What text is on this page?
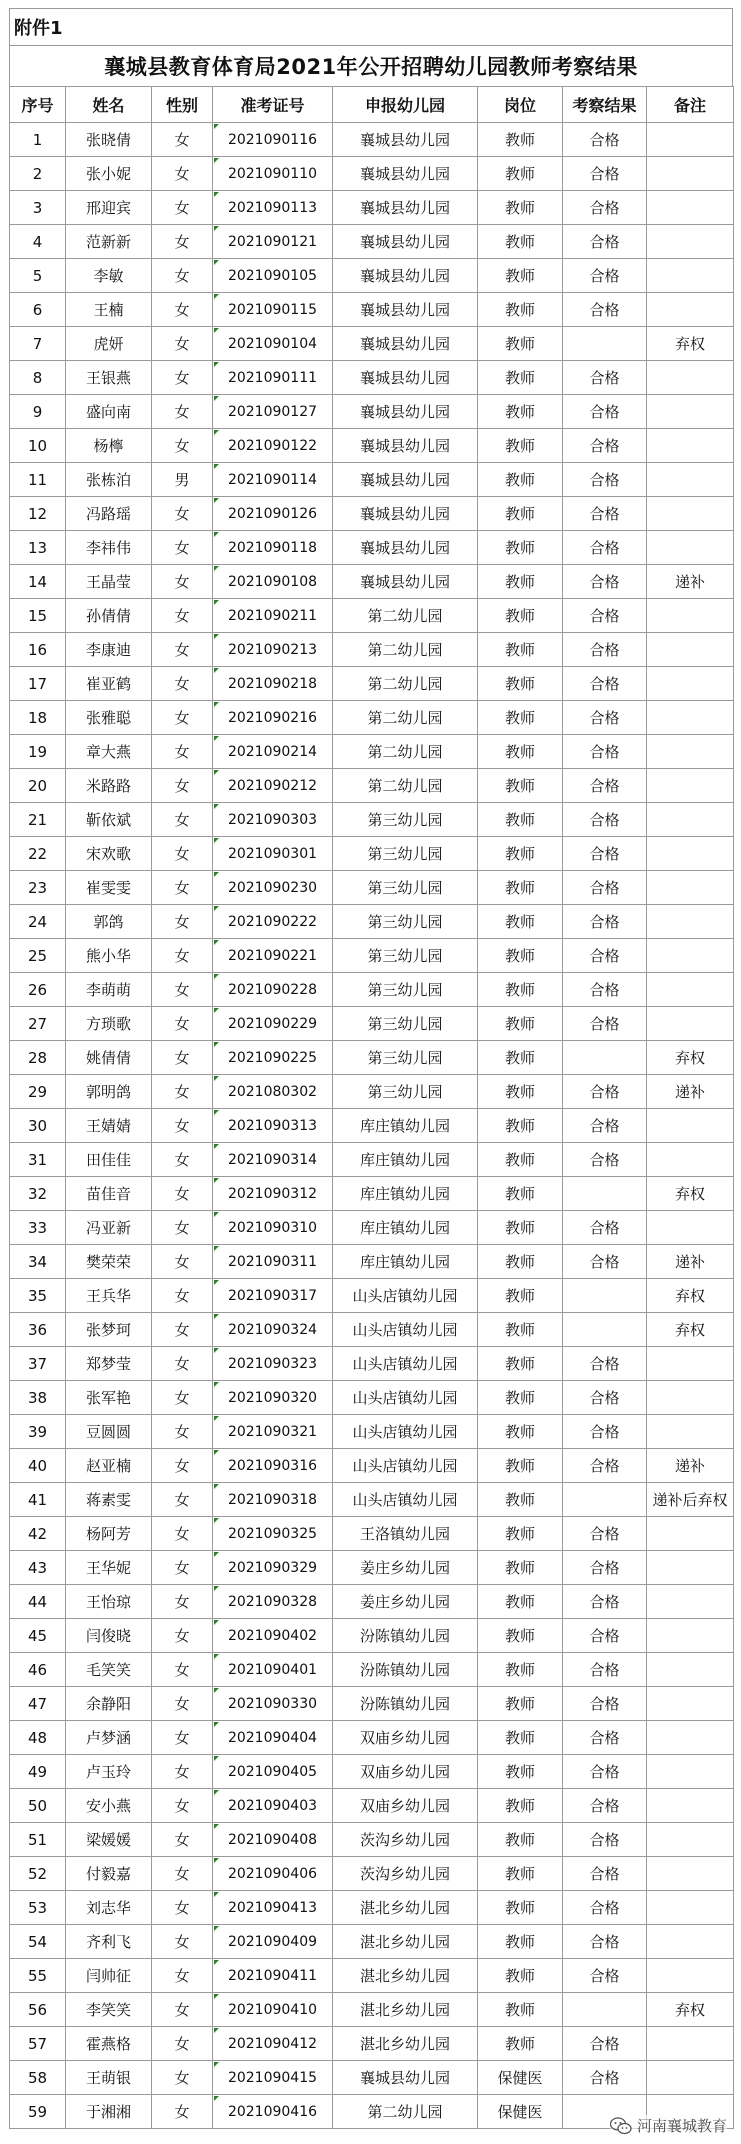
附件1
襄城县教育体育局2021年公开招聘幼儿园教师考察结果
序号	姓名	性别	准考证号	申报幼儿园	岗位	考察结果	备注
1	张晓倩	女	2021090116	襄城县幼儿园	教师	合格	
2	张小妮	女	2021090110	襄城县幼儿园	教师	合格	
3	邢迎宾	女	2021090113	襄城县幼儿园	教师	合格	
4	范新新	女	2021090121	襄城县幼儿园	教师	合格	
5	李敏	女	2021090105	襄城县幼儿园	教师	合格	
6	王楠	女	2021090115	襄城县幼儿园	教师	合格	
7	虎妍	女	2021090104	襄城县幼儿园	教师		弃权
8	王银燕	女	2021090111	襄城县幼儿园	教师	合格	
9	盛向南	女	2021090127	襄城县幼儿园	教师	合格	
10	杨檸	女	2021090122	襄城县幼儿园	教师	合格	
11	张栋泊	男	2021090114	襄城县幼儿园	教师	合格	
12	冯路瑶	女	2021090126	襄城县幼儿园	教师	合格	
13	李祎伟	女	2021090118	襄城县幼儿园	教师	合格	
14	王晶莹	女	2021090108	襄城县幼儿园	教师	合格	递补
15	孙倩倩	女	2021090211	第二幼儿园	教师	合格	
16	李康迪	女	2021090213	第二幼儿园	教师	合格	
17	崔亚鹤	女	2021090218	第二幼儿园	教师	合格	
18	张雅聪	女	2021090216	第二幼儿园	教师	合格	
19	章大燕	女	2021090214	第二幼儿园	教师	合格	
20	米路路	女	2021090212	第二幼儿园	教师	合格	
21	靳依斌	女	2021090303	第三幼儿园	教师	合格	
22	宋欢歌	女	2021090301	第三幼儿园	教师	合格	
23	崔雯雯	女	2021090230	第三幼儿园	教师	合格	
24	郭鸽	女	2021090222	第三幼儿园	教师	合格	
25	熊小华	女	2021090221	第三幼儿园	教师	合格	
26	李萌萌	女	2021090228	第三幼儿园	教师	合格	
27	方琐歌	女	2021090229	第三幼儿园	教师	合格	
28	姚倩倩	女	2021090225	第三幼儿园	教师		弃权
29	郭明鸽	女	2021080302	第三幼儿园	教师	合格	递补
30	王婧婧	女	2021090313	库庄镇幼儿园	教师	合格	
31	田佳佳	女	2021090314	库庄镇幼儿园	教师	合格	
32	苗佳音	女	2021090312	库庄镇幼儿园	教师		弃权
33	冯亚新	女	2021090310	库庄镇幼儿园	教师	合格	
34	樊荣荣	女	2021090311	库庄镇幼儿园	教师	合格	递补
35	王兵华	女	2021090317	山头店镇幼儿园	教师		弃权
36	张梦珂	女	2021090324	山头店镇幼儿园	教师		弃权
37	郑梦莹	女	2021090323	山头店镇幼儿园	教师	合格	
38	张军艳	女	2021090320	山头店镇幼儿园	教师	合格	
39	豆圆圆	女	2021090321	山头店镇幼儿园	教师	合格	
40	赵亚楠	女	2021090316	山头店镇幼儿园	教师	合格	递补
41	蒋素雯	女	2021090318	山头店镇幼儿园	教师		递补后弃权
42	杨阿芳	女	2021090325	王洛镇幼儿园	教师	合格	
43	王华妮	女	2021090329	姜庄乡幼儿园	教师	合格	
44	王怡琼	女	2021090328	姜庄乡幼儿园	教师	合格	
45	闫俊晓	女	2021090402	汾陈镇幼儿园	教师	合格	
46	毛笑笑	女	2021090401	汾陈镇幼儿园	教师	合格	
47	余静阳	女	2021090330	汾陈镇幼儿园	教师	合格	
48	卢梦涵	女	2021090404	双庙乡幼儿园	教师	合格	
49	卢玉玲	女	2021090405	双庙乡幼儿园	教师	合格	
50	安小燕	女	2021090403	双庙乡幼儿园	教师	合格	
51	梁媛媛	女	2021090408	茨沟乡幼儿园	教师	合格	
52	付毅嘉	女	2021090406	茨沟乡幼儿园	教师	合格	
53	刘志华	女	2021090413	湛北乡幼儿园	教师	合格	
54	齐利飞	女	2021090409	湛北乡幼儿园	教师	合格	
55	闫帅征	女	2021090411	湛北乡幼儿园	教师	合格	
56	李笑笑	女	2021090410	湛北乡幼儿园	教师		弃权
57	霍燕格	女	2021090412	湛北乡幼儿园	教师	合格	
58	王萌银	女	2021090415	襄城县幼儿园	保健医	合格	
59	于湘湘	女	2021090416	第二幼儿园	保健医		
河南襄城教育
